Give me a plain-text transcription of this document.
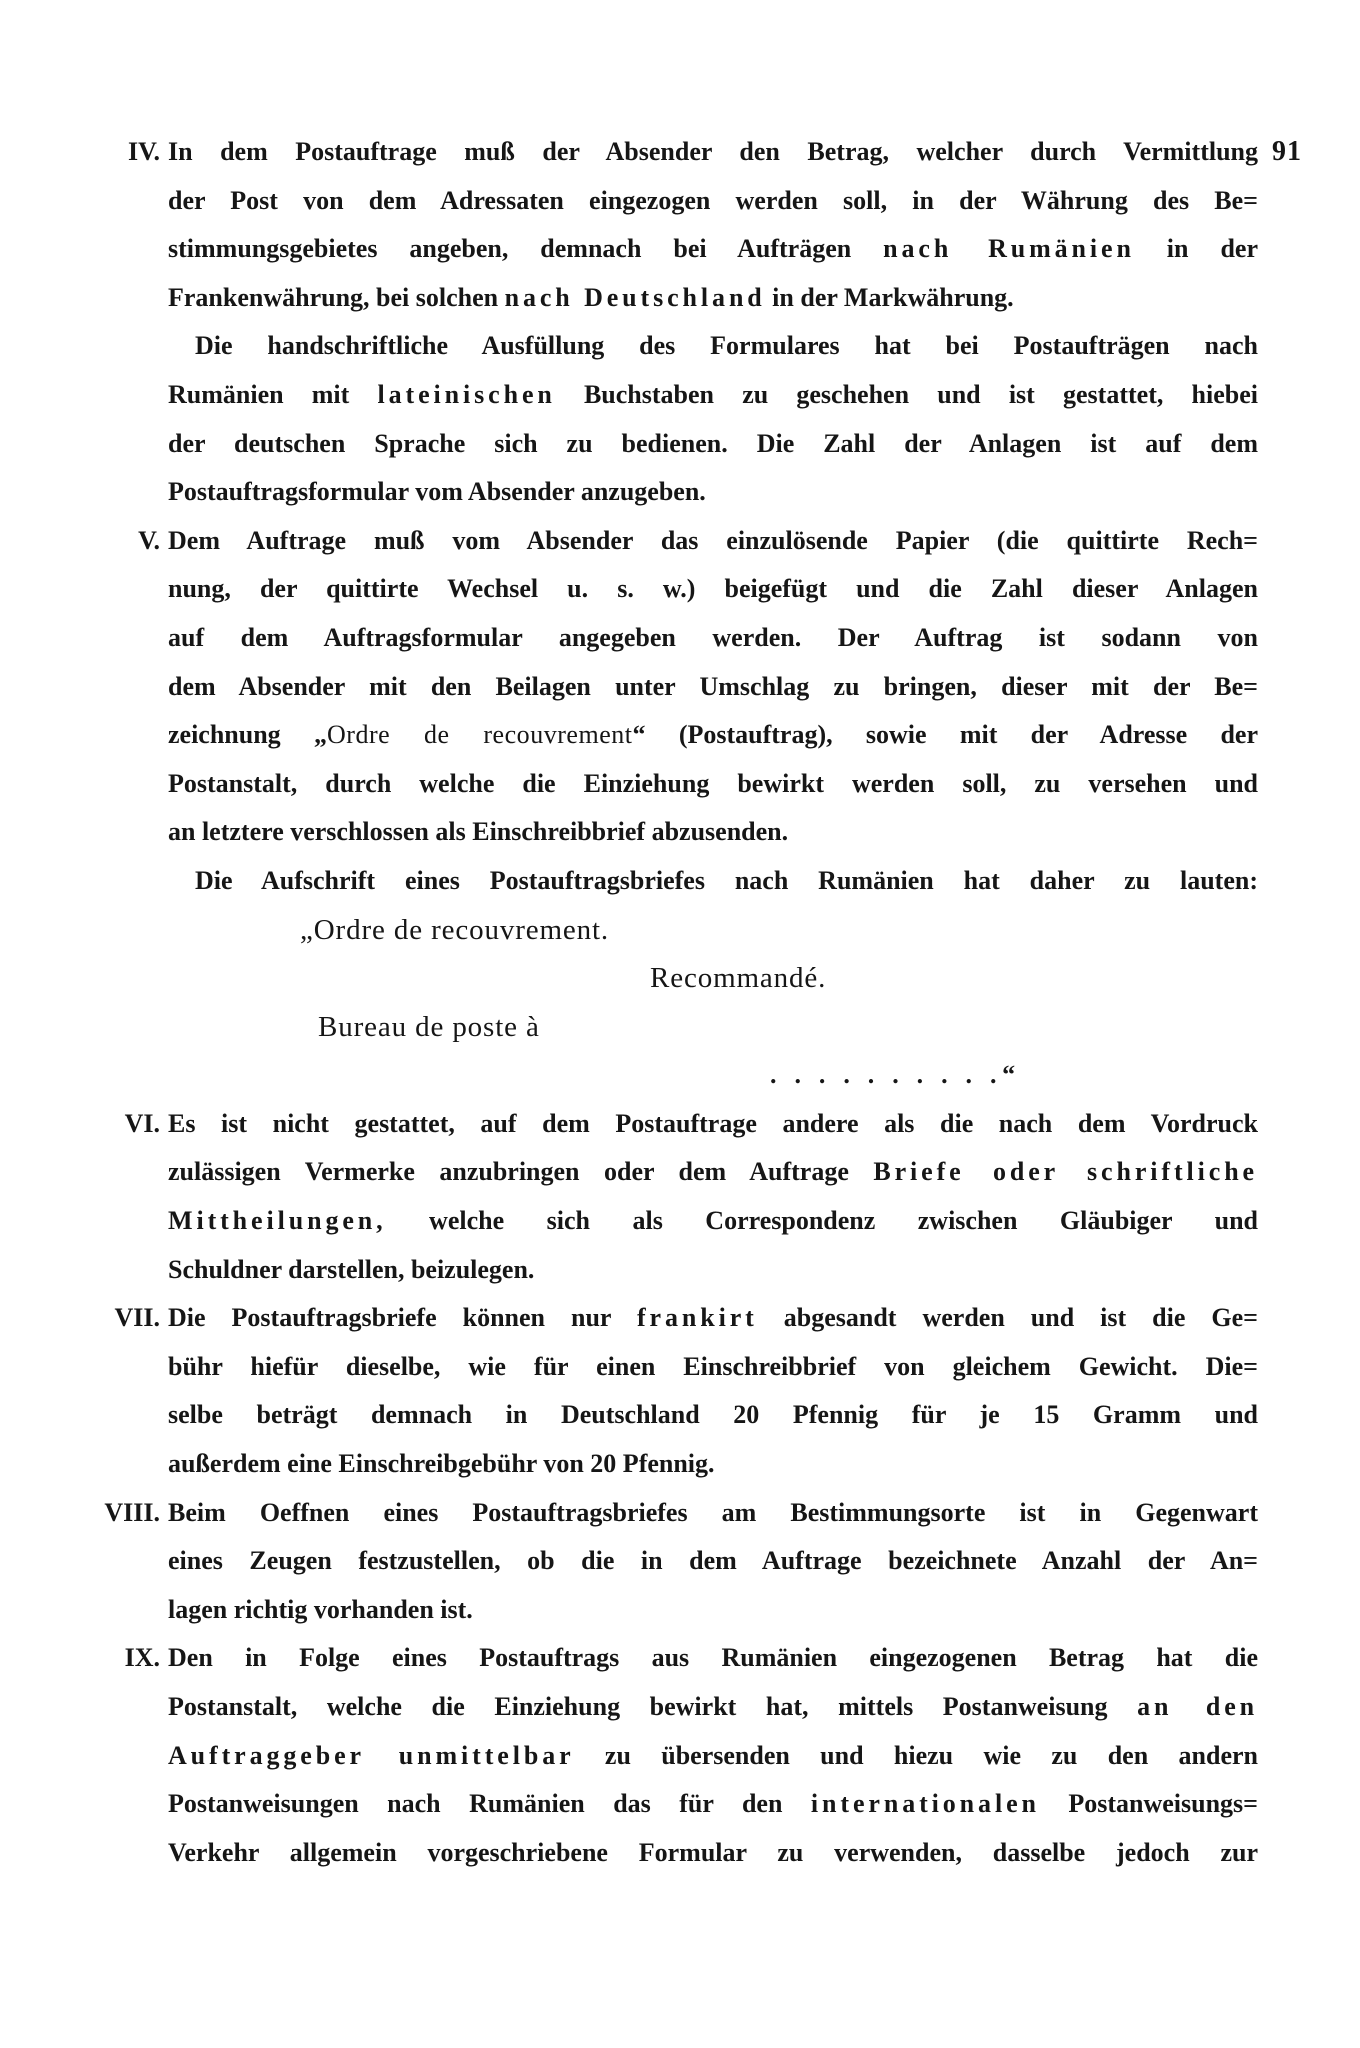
91
IV. In dem Postauftrage muß der Absender den Betrag, welcher durch Vermittlung
der Post von dem Adressaten eingezogen werden soll, in der Währung des Be=
stimmungsgebietes angeben, demnach bei Aufträgen nach Rumänien in der
Frankenwährung, bei solchen nach Deutschland in der Markwährung.
Die handschriftliche Ausfüllung des Formulares hat bei Postaufträgen nach
Rumänien mit lateinischen Buchstaben zu geschehen und ist gestattet, hiebei
der deutschen Sprache sich zu bedienen. Die Zahl der Anlagen ist auf dem
Postauftragsformular vom Absender anzugeben.
V. Dem Auftrage muß vom Absender das einzulösende Papier (die quittirte Rech=
nung, der quittirte Wechsel u. s. w.) beigefügt und die Zahl dieser Anlagen
auf dem Auftragsformular angegeben werden. Der Auftrag ist sodann von
dem Absender mit den Beilagen unter Umschlag zu bringen, dieser mit der Be=
zeichnung „Ordre de recouvrement“ (Postauftrag), sowie mit der Adresse der
Postanstalt, durch welche die Einziehung bewirkt werden soll, zu versehen und
an letztere verschlossen als Einschreibbrief abzusenden.
Die Aufschrift eines Postauftragsbriefes nach Rumänien hat daher zu lauten:
„Ordre de recouvrement.
Recommandé.
Bureau de poste à
. . . . . . . . . .“
VI. Es ist nicht gestattet, auf dem Postauftrage andere als die nach dem Vordruck
zulässigen Vermerke anzubringen oder dem Auftrage Briefe oder schriftliche
Mittheilungen, welche sich als Correspondenz zwischen Gläubiger und
Schuldner darstellen, beizulegen.
VII. Die Postauftragsbriefe können nur frankirt abgesandt werden und ist die Ge=
bühr hiefür dieselbe, wie für einen Einschreibbrief von gleichem Gewicht. Die=
selbe beträgt demnach in Deutschland 20 Pfennig für je 15 Gramm und
außerdem eine Einschreibgebühr von 20 Pfennig.
VIII. Beim Oeffnen eines Postauftragsbriefes am Bestimmungsorte ist in Gegenwart
eines Zeugen festzustellen, ob die in dem Auftrage bezeichnete Anzahl der An=
lagen richtig vorhanden ist.
IX. Den in Folge eines Postauftrags aus Rumänien eingezogenen Betrag hat die
Postanstalt, welche die Einziehung bewirkt hat, mittels Postanweisung an den
Auftraggeber unmittelbar zu übersenden und hiezu wie zu den andern
Postanweisungen nach Rumänien das für den internationalen Postanweisungs=
Verkehr allgemein vorgeschriebene Formular zu verwenden, dasselbe jedoch zur
